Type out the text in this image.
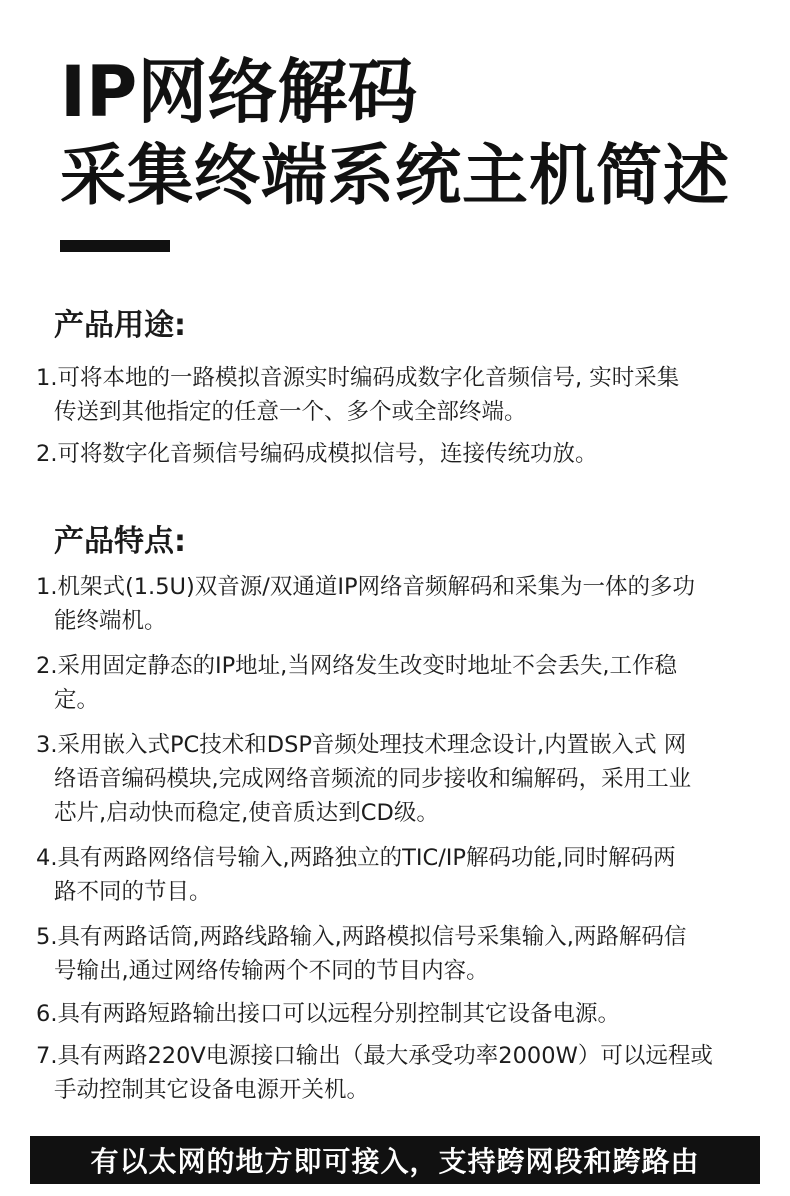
IP网络解码
采集终端系统主机简述
产品用途:
1.可将本地的一路模拟音源实时编码成数字化音频信号, 实时采集
传送到其他指定的任意一个、多个或全部终端。
2.可将数字化音频信号编码成模拟信号，连接传统功放。
产品特点:
1.机架式(1.5U)双音源/双通道IP网络音频解码和采集为一体的多功
能终端机。
2.采用固定静态的IP地址,当网络发生改变时地址不会丢失,工作稳
定。
3.采用嵌入式PC技术和DSP音频处理技术理念设计,内置嵌入式 网
络语音编码模块,完成网络音频流的同步接收和编解码，采用工业
芯片,启动快而稳定,使音质达到CD级。
4.具有两路网络信号输入,两路独立的TIC/IP解码功能,同时解码两
路不同的节目。
5.具有两路话筒,两路线路输入,两路模拟信号采集输入,两路解码信
号输出,通过网络传输两个不同的节目内容。
6.具有两路短路输出接口可以远程分别控制其它设备电源。
7.具有两路220V电源接口输出（最大承受功率2000W）可以远程或
手动控制其它设备电源开关机。
有以太网的地方即可接入，支持跨网段和跨路由
